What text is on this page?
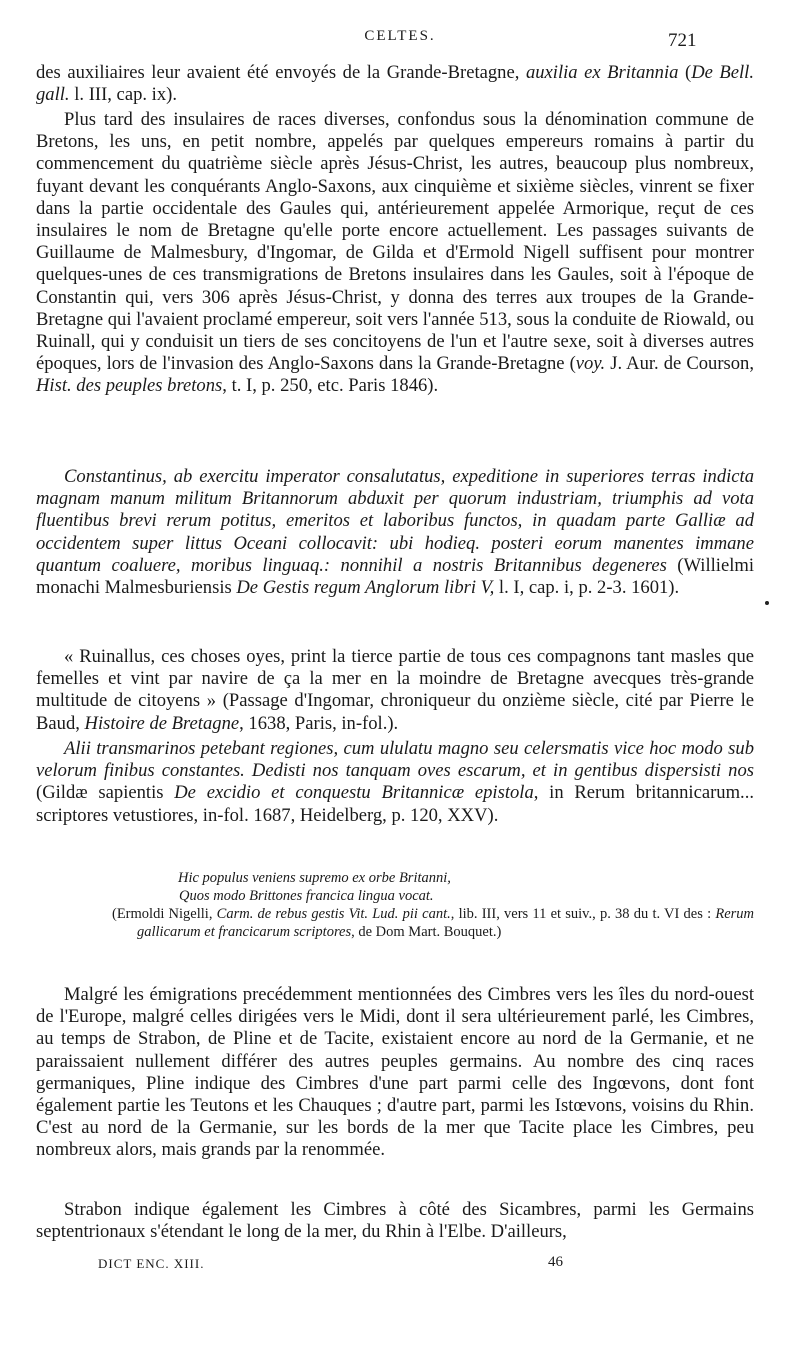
CELTES.	721

des auxiliaires leur avaient été envoyés de la Grande-Bretagne, auxilia ex Britannia (De Bell. gall. l. III, cap. ix).

Plus tard des insulaires de races diverses, confondus sous la dénomination commune de Bretons, les uns, en petit nombre, appelés par quelques empereurs romains à partir du commencement du quatrième siècle après Jésus-Christ, les autres, beaucoup plus nombreux, fuyant devant les conquérants Anglo-Saxons, aux cinquième et sixième siècles, vinrent se fixer dans la partie occidentale des Gaules qui, antérieurement appelée Armorique, reçut de ces insulaires le nom de Bretagne qu'elle porte encore actuellement. Les passages suivants de Guillaume de Malmesbury, d'Ingomar, de Gilda et d'Ermold Nigell suffisent pour montrer quelques-unes de ces transmigrations de Bretons insulaires dans les Gaules, soit à l'époque de Constantin qui, vers 306 après Jésus-Christ, y donna des terres aux troupes de la Grande-Bretagne qui l'avaient proclamé empereur, soit vers l'année 513, sous la conduite de Riowald, ou Ruinall, qui y conduisit un tiers de ses concitoyens de l'un et l'autre sexe, soit à diverses autres époques, lors de l'invasion des Anglo-Saxons dans la Grande-Bretagne (voy. J. Aur. de Courson, Hist. des peuples bretons, t. I, p. 250, etc. Paris 1846).

Constantinus, ab exercitu imperator consalutatus, expeditione in superiores terras indicta magnam manum militum Britannorum abduxit per quorum industriam, triumphis ad vota fluentibus brevi rerum potitus, emeritos et laboribus functos, in quadam parte Galliæ ad occidentem super littus Oceani collocavit: ubi hodieq. posteri eorum manentes immane quantum coaluere, moribus linguaq.: nonnihil a nostris Britannibus degeneres (Willielmi monachi Malmesburiensis De Gestis regum Anglorum libri V, l. I, cap. i, p. 2-3. 1601).

« Ruinallus, ces choses oyes, print la tierce partie de tous ces compagnons tant masles que femelles et vint par navire de ça la mer en la moindre de Bretagne avecques très-grande multitude de citoyens » (Passage d'Ingomar, chroniqueur du onzième siècle, cité par Pierre le Baud, Histoire de Bretagne, 1638, Paris, in-fol.).

Alii transmarinos petebant regiones, cum ululatu magno seu celersmatis vice hoc modo sub velorum finibus constantes. Dedisti nos tanquam oves escarum, et in gentibus dispersisti nos (Gildæ sapientis De excidio et conquestu Britannicæ epistola, in Rerum britannicarum... scriptores vetustiores, in-fol. 1687, Heidelberg, p. 120, XXV).

Hic populus veniens supremo ex orbe Britanni,
Quos modo Brittones francica lingua vocat.

(Ermoldi Nigelli, Carm. de rebus gestis Vit. Lud. pii cant., lib. III, vers 11 et suiv., p. 38 du t. VI des : Rerum gallicarum et francicarum scriptores, de Dom Mart. Bouquet.)

Malgré les émigrations precédemment mentionnées des Cimbres vers les îles du nord-ouest de l'Europe, malgré celles dirigées vers le Midi, dont il sera ultérieurement parlé, les Cimbres, au temps de Strabon, de Pline et de Tacite, existaient encore au nord de la Germanie, et ne paraissaient nullement différer des autres peuples germains. Au nombre des cinq races germaniques, Pline indique des Cimbres d'une part parmi celle des Ingœvons, dont font également partie les Teutons et les Chauques ; d'autre part, parmi les Istœvons, voisins du Rhin. C'est au nord de la Germanie, sur les bords de la mer que Tacite place les Cimbres, peu nombreux alors, mais grands par la renommée.

Strabon indique également les Cimbres à côté des Sicambres, parmi les Germains septentrionaux s'étendant le long de la mer, du Rhin à l'Elbe. D'ailleurs,

DICT ENC. XIII.	46
